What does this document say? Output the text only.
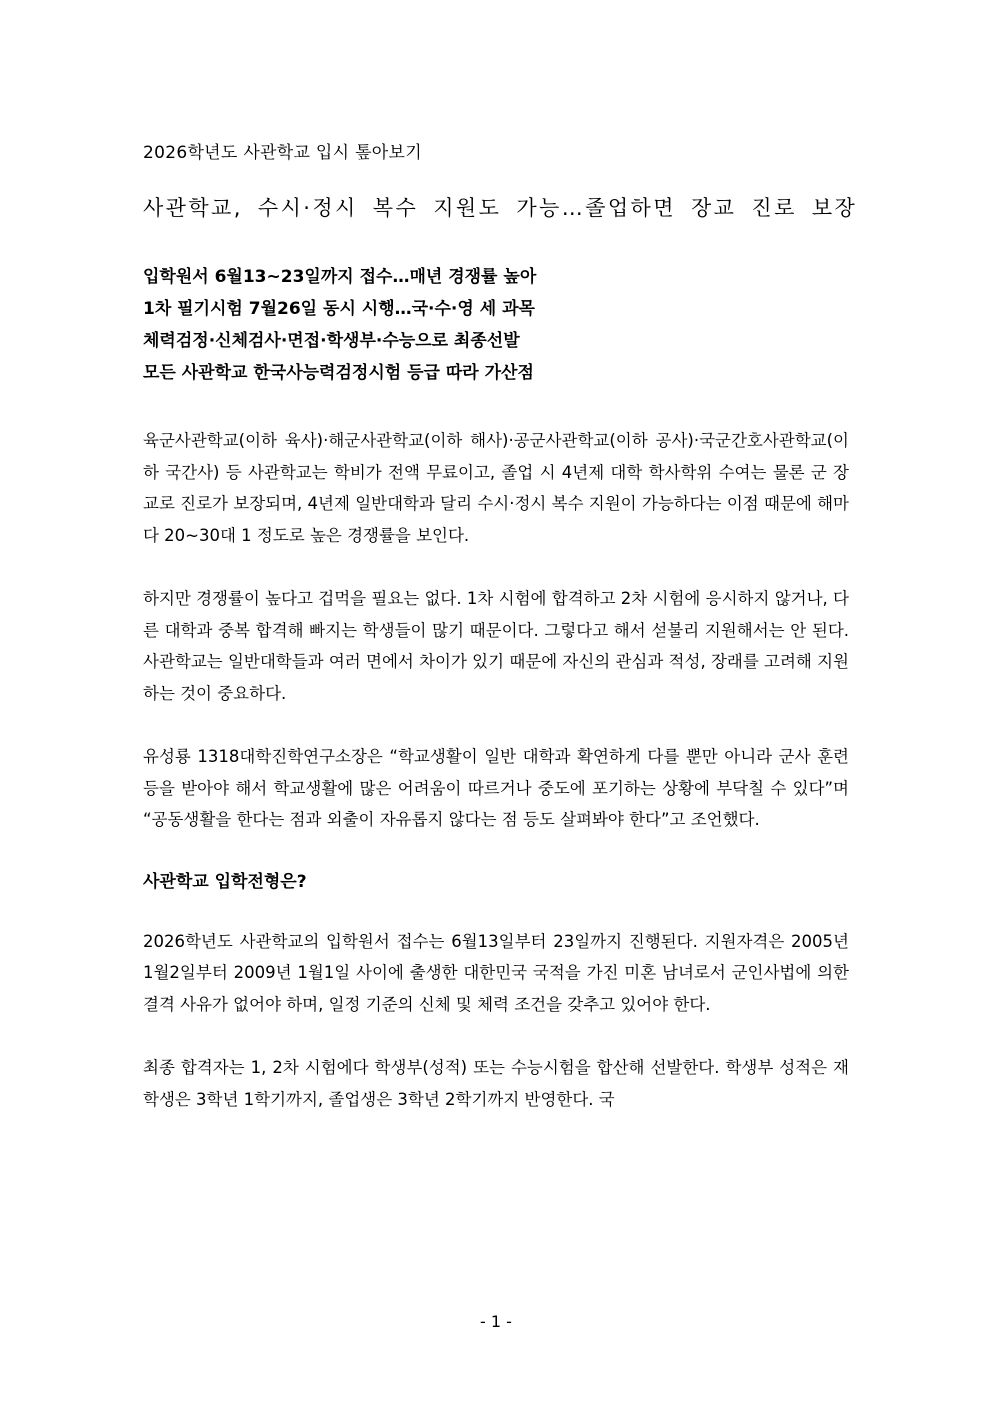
2026학년도 사관학교 입시 톺아보기

사관학교, 수시·정시 복수 지원도 가능…졸업하면 장교 진로 보장

입학원서 6월13~23일까지 접수…매년 경쟁률 높아

1차 필기시험 7월26일 동시 시행…국·수·영 세 과목

체력검정·신체검사·면접·학생부·수능으로 최종선발

모든 사관학교 한국사능력검정시험 등급 따라 가산점

육군사관학교(이하 육사)·해군사관학교(이하 해사)·공군사관학교(이하 공사)·국군간호사관학교(이하 국간사) 등 사관학교는 학비가 전액 무료이고, 졸업 시 4년제 대학 학사학위 수여는 물론 군 장교로 진로가 보장되며, 4년제 일반대학과 달리 수시·정시 복수 지원이 가능하다는 이점 때문에 해마다 20~30대 1 정도로 높은 경쟁률을 보인다.

하지만 경쟁률이 높다고 겁먹을 필요는 없다. 1차 시험에 합격하고 2차 시험에 응시하지 않거나, 다른 대학과 중복 합격해 빠지는 학생들이 많기 때문이다. 그렇다고 해서 섣불리 지원해서는 안 된다. 사관학교는 일반대학들과 여러 면에서 차이가 있기 때문에 자신의 관심과 적성, 장래를 고려해 지원하는 것이 중요하다.

유성룡 1318대학진학연구소장은 “학교생활이 일반 대학과 확연하게 다를 뿐만 아니라 군사 훈련 등을 받아야 해서 학교생활에 많은 어려움이 따르거나 중도에 포기하는 상황에 부닥칠 수 있다”며 “공동생활을 한다는 점과 외출이 자유롭지 않다는 점 등도 살펴봐야 한다”고 조언했다.

사관학교 입학전형은?

2026학년도 사관학교의 입학원서 접수는 6월13일부터 23일까지 진행된다. 지원자격은 2005년 1월2일부터 2009년 1월1일 사이에 출생한 대한민국 국적을 가진 미혼 남녀로서 군인사법에 의한 결격 사유가 없어야 하며, 일정 기준의 신체 및 체력 조건을 갖추고 있어야 한다.

최종 합격자는 1, 2차 시험에다 학생부(성적) 또는 수능시험을 합산해 선발한다. 학생부 성적은 재학생은 3학년 1학기까지, 졸업생은 3학년 2학기까지 반영한다. 국

- 1 -
